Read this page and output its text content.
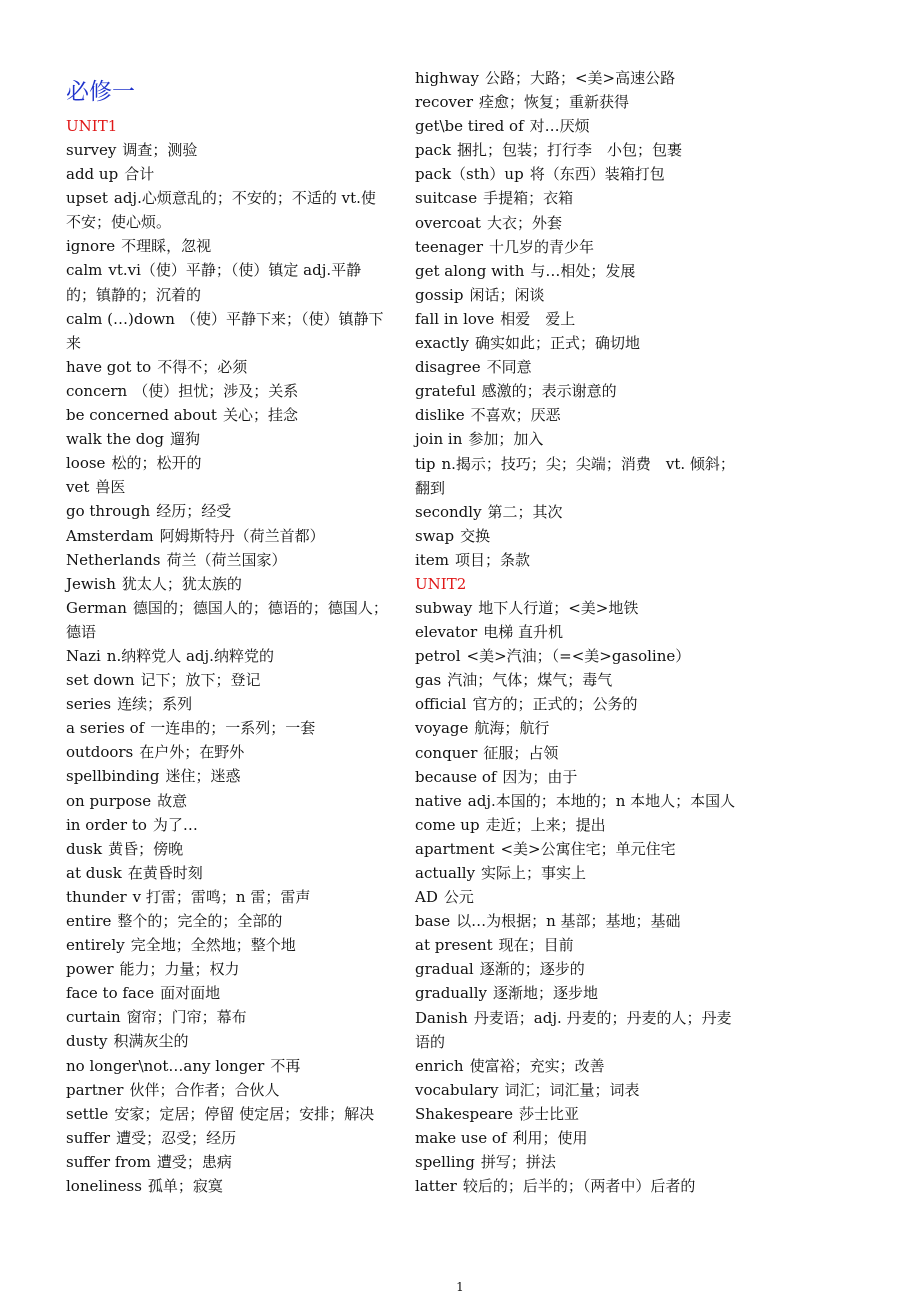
必修一
UNIT1
survey 调查；测验
add up 合计
upset adj.心烦意乱的；不安的；不适的 vt.使不安；使心烦。
ignore 不理睬，忽视
calm vt.vi（使）平静；（使）镇定 adj.平静的；镇静的；沉着的
calm (…)down （使）平静下来；（使）镇静下来
have got to 不得不；必须
concern （使）担忧；涉及；关系
be concerned about 关心；挂念
walk the dog 遛狗
loose 松的；松开的
vet 兽医
go through 经历；经受
Amsterdam 阿姆斯特丹（荷兰首都）
Netherlands 荷兰（荷兰国家）
Jewish 犹太人；犹太族的
German 德国的；德国人的；德语的；德国人；德语
Nazi n.纳粹党人 adj.纳粹党的
set down 记下；放下；登记
series 连续；系列
a series of 一连串的；一系列；一套
outdoors 在户外；在野外
spellbinding 迷住；迷惑
on purpose 故意
in order to 为了…
dusk 黄昏；傍晚
at dusk 在黄昏时刻
thunder v 打雷；雷鸣；n 雷；雷声
entire 整个的；完全的；全部的
entirely 完全地；全然地；整个地
power 能力；力量；权力
face to face 面对面地
curtain 窗帘；门帘；幕布
dusty 积满灰尘的
no longer\not…any longer 不再
partner 伙伴；合作者；合伙人
settle 安家；定居；停留 使定居；安排；解决
suffer 遭受；忍受；经历
suffer from 遭受；患病
loneliness 孤单；寂寞
highway 公路；大路；<美>高速公路
recover 痊愈；恢复；重新获得
get\be tired of 对…厌烦
pack 捆扎；包装；打行李　小包；包裹
pack（sth）up 将（东西）装箱打包
suitcase 手提箱；衣箱
overcoat 大衣；外套
teenager 十几岁的青少年
get along with 与…相处；发展
gossip 闲话；闲谈
fall in love 相爱　爱上
exactly 确实如此；正式；确切地
disagree 不同意
grateful 感激的；表示谢意的
dislike 不喜欢；厌恶
join in 参加；加入
tip n.揭示；技巧；尖；尖端；消费　vt. 倾斜；　翻到
secondly 第二；其次
swap 交换
item 项目；条款
UNIT2
subway 地下人行道；<美>地铁
elevator 电梯 直升机
petrol <美>汽油；（=<美>gasoline）
gas 汽油；气体；煤气；毒气
official 官方的；正式的；公务的
voyage 航海；航行
conquer 征服；占领
because of 因为；由于
native adj.本国的；本地的；n 本地人；本国人
come up 走近；上来；提出
apartment <美>公寓住宅；单元住宅
actually 实际上；事实上
AD 公元
base 以…为根据；n 基部；基地；基础
at present 现在；目前
gradual 逐渐的；逐步的
gradually 逐渐地；逐步地
Danish 丹麦语；adj. 丹麦的；丹麦的人；丹麦语的
enrich 使富裕；充实；改善
vocabulary 词汇；词汇量；词表
Shakespeare 莎士比亚
make use of 利用；使用
spelling 拼写；拼法
latter 较后的；后半的；（两者中）后者的
1
